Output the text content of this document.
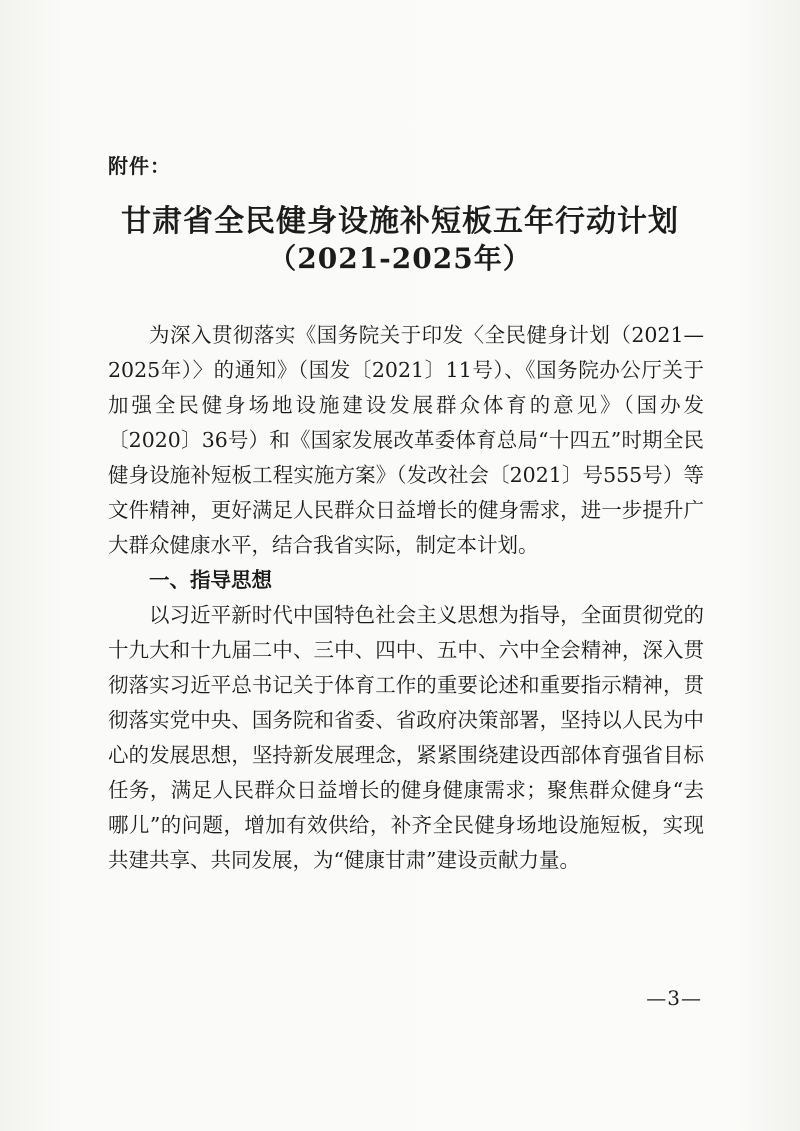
附件：
甘肃省全民健身设施补短板五年行动计划
（2021-2025年）

为深入贯彻落实《国务院关于印发〈全民健身计划（2021—2025年）〉的通知》（国发〔2021〕11号）、《国务院办公厅关于加强全民健身场地设施建设发展群众体育的意见》（国办发〔2020〕36号）和《国家发展改革委体育总局“十四五”时期全民健身设施补短板工程实施方案》（发改社会〔2021〕号555号）等文件精神，更好满足人民群众日益增长的健身需求，进一步提升广大群众健康水平，结合我省实际，制定本计划。

一、指导思想

以习近平新时代中国特色社会主义思想为指导，全面贯彻党的十九大和十九届二中、三中、四中、五中、六中全会精神，深入贯彻落实习近平总书记关于体育工作的重要论述和重要指示精神，贯彻落实党中央、国务院和省委、省政府决策部署，坚持以人民为中心的发展思想，坚持新发展理念，紧紧围绕建设西部体育强省目标任务，满足人民群众日益增长的健身健康需求；聚焦群众健身“去哪儿”的问题，增加有效供给，补齐全民健身场地设施短板，实现共建共享、共同发展，为“健康甘肃”建设贡献力量。

—3—
